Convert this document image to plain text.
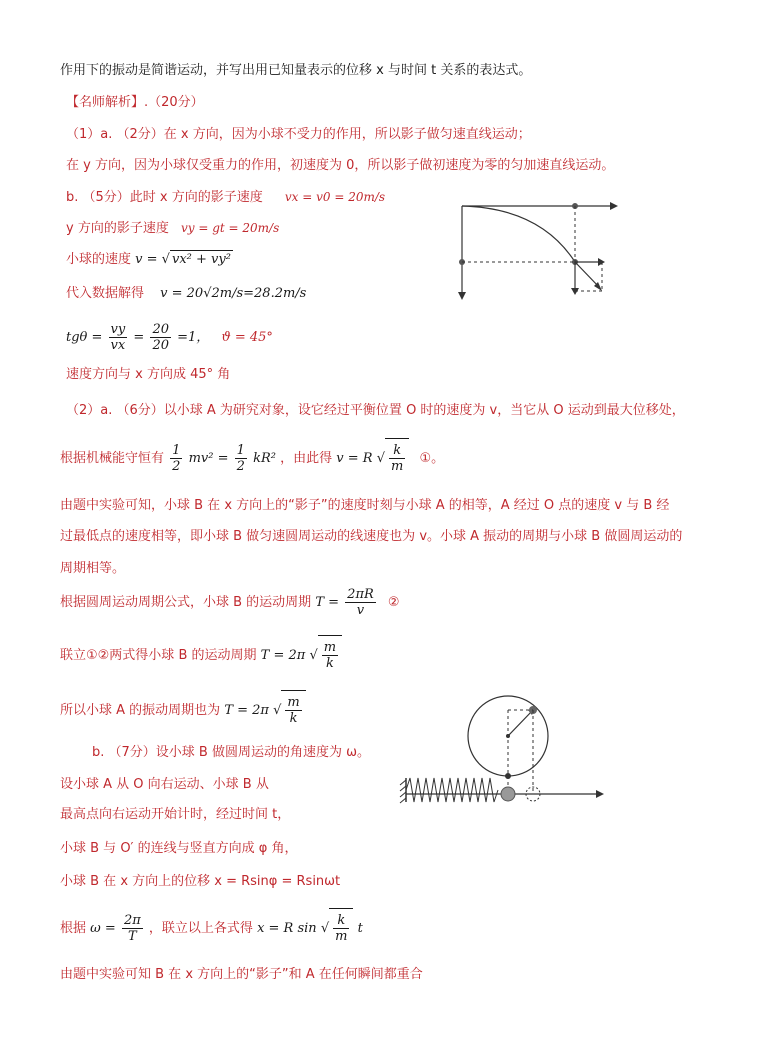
作用下的振动是简谐运动，并写出用已知量表示的位移 x 与时间 t 关系的表达式。
【名师解析】.（20分）
（1）a. （2分）在 x 方向，因为小球不受力的作用，所以影子做匀速直线运动；
在 y 方向，因为小球仅受重力的作用，初速度为 0，所以影子做初速度为零的匀加速直线运动。
b. （5分）此时 x 方向的影子速度 vx = v0 = 20m/s
y 方向的影子速度 vy = gt = 20m/s
小球的速度 v = √ vx² + vy²
代入数据解得 v = 20√2m/s=28.2m/s
$tg\theta = \frac{vy}{vx} = \frac{20}{20} =1$， ϑ = 45°
速度方向与 x 方向成 45° 角
（2）a. （6分）以小球 A 为研究对象，设它经过平衡位置 O 时的速度为 v，当它从 O 运动到最大位移处，
根据机械能守恒有 $\frac{1}{2} mv^2 = \frac{1}{2} kR^2$ ，由此得 v = R √ $\frac{k}{m}$ ①。
由题中实验可知，小球 B 在 x 方向上的“影子”的速度时刻与小球 A 的相等，A 经过 O 点的速度 v 与 B 经
过最低点的速度相等，即小球 B 做匀速圆周运动的线速度也为 v。小球 A 振动的周期与小球 B 做圆周运动的
周期相等。
根据圆周运动周期公式，小球 B 的运动周期 $T = \frac{2\pi R}{v}$ ②
联立①②两式得小球 B 的运动周期 T = 2π √ $\frac{m}{k}$
所以小球 A 的振动周期也为 T = 2π √ $\frac{m}{k}$
b. （7分）设小球 B 做圆周运动的角速度为 ω。
设小球 A 从 O 向右运动、小球 B 从
最高点向右运动开始计时，经过时间 t，
小球 B 与 O′ 的连线与竖直方向成 φ 角，
小球 B 在 x 方向上的位移 x = Rsinφ = Rsinωt
根据 $\omega = \frac{2\pi}{T}$ ，联立以上各式得 x = R sin √ $\frac{k}{m}$ t
由题中实验可知 B 在 x 方向上的“影子”和 A 在任何瞬间都重合
